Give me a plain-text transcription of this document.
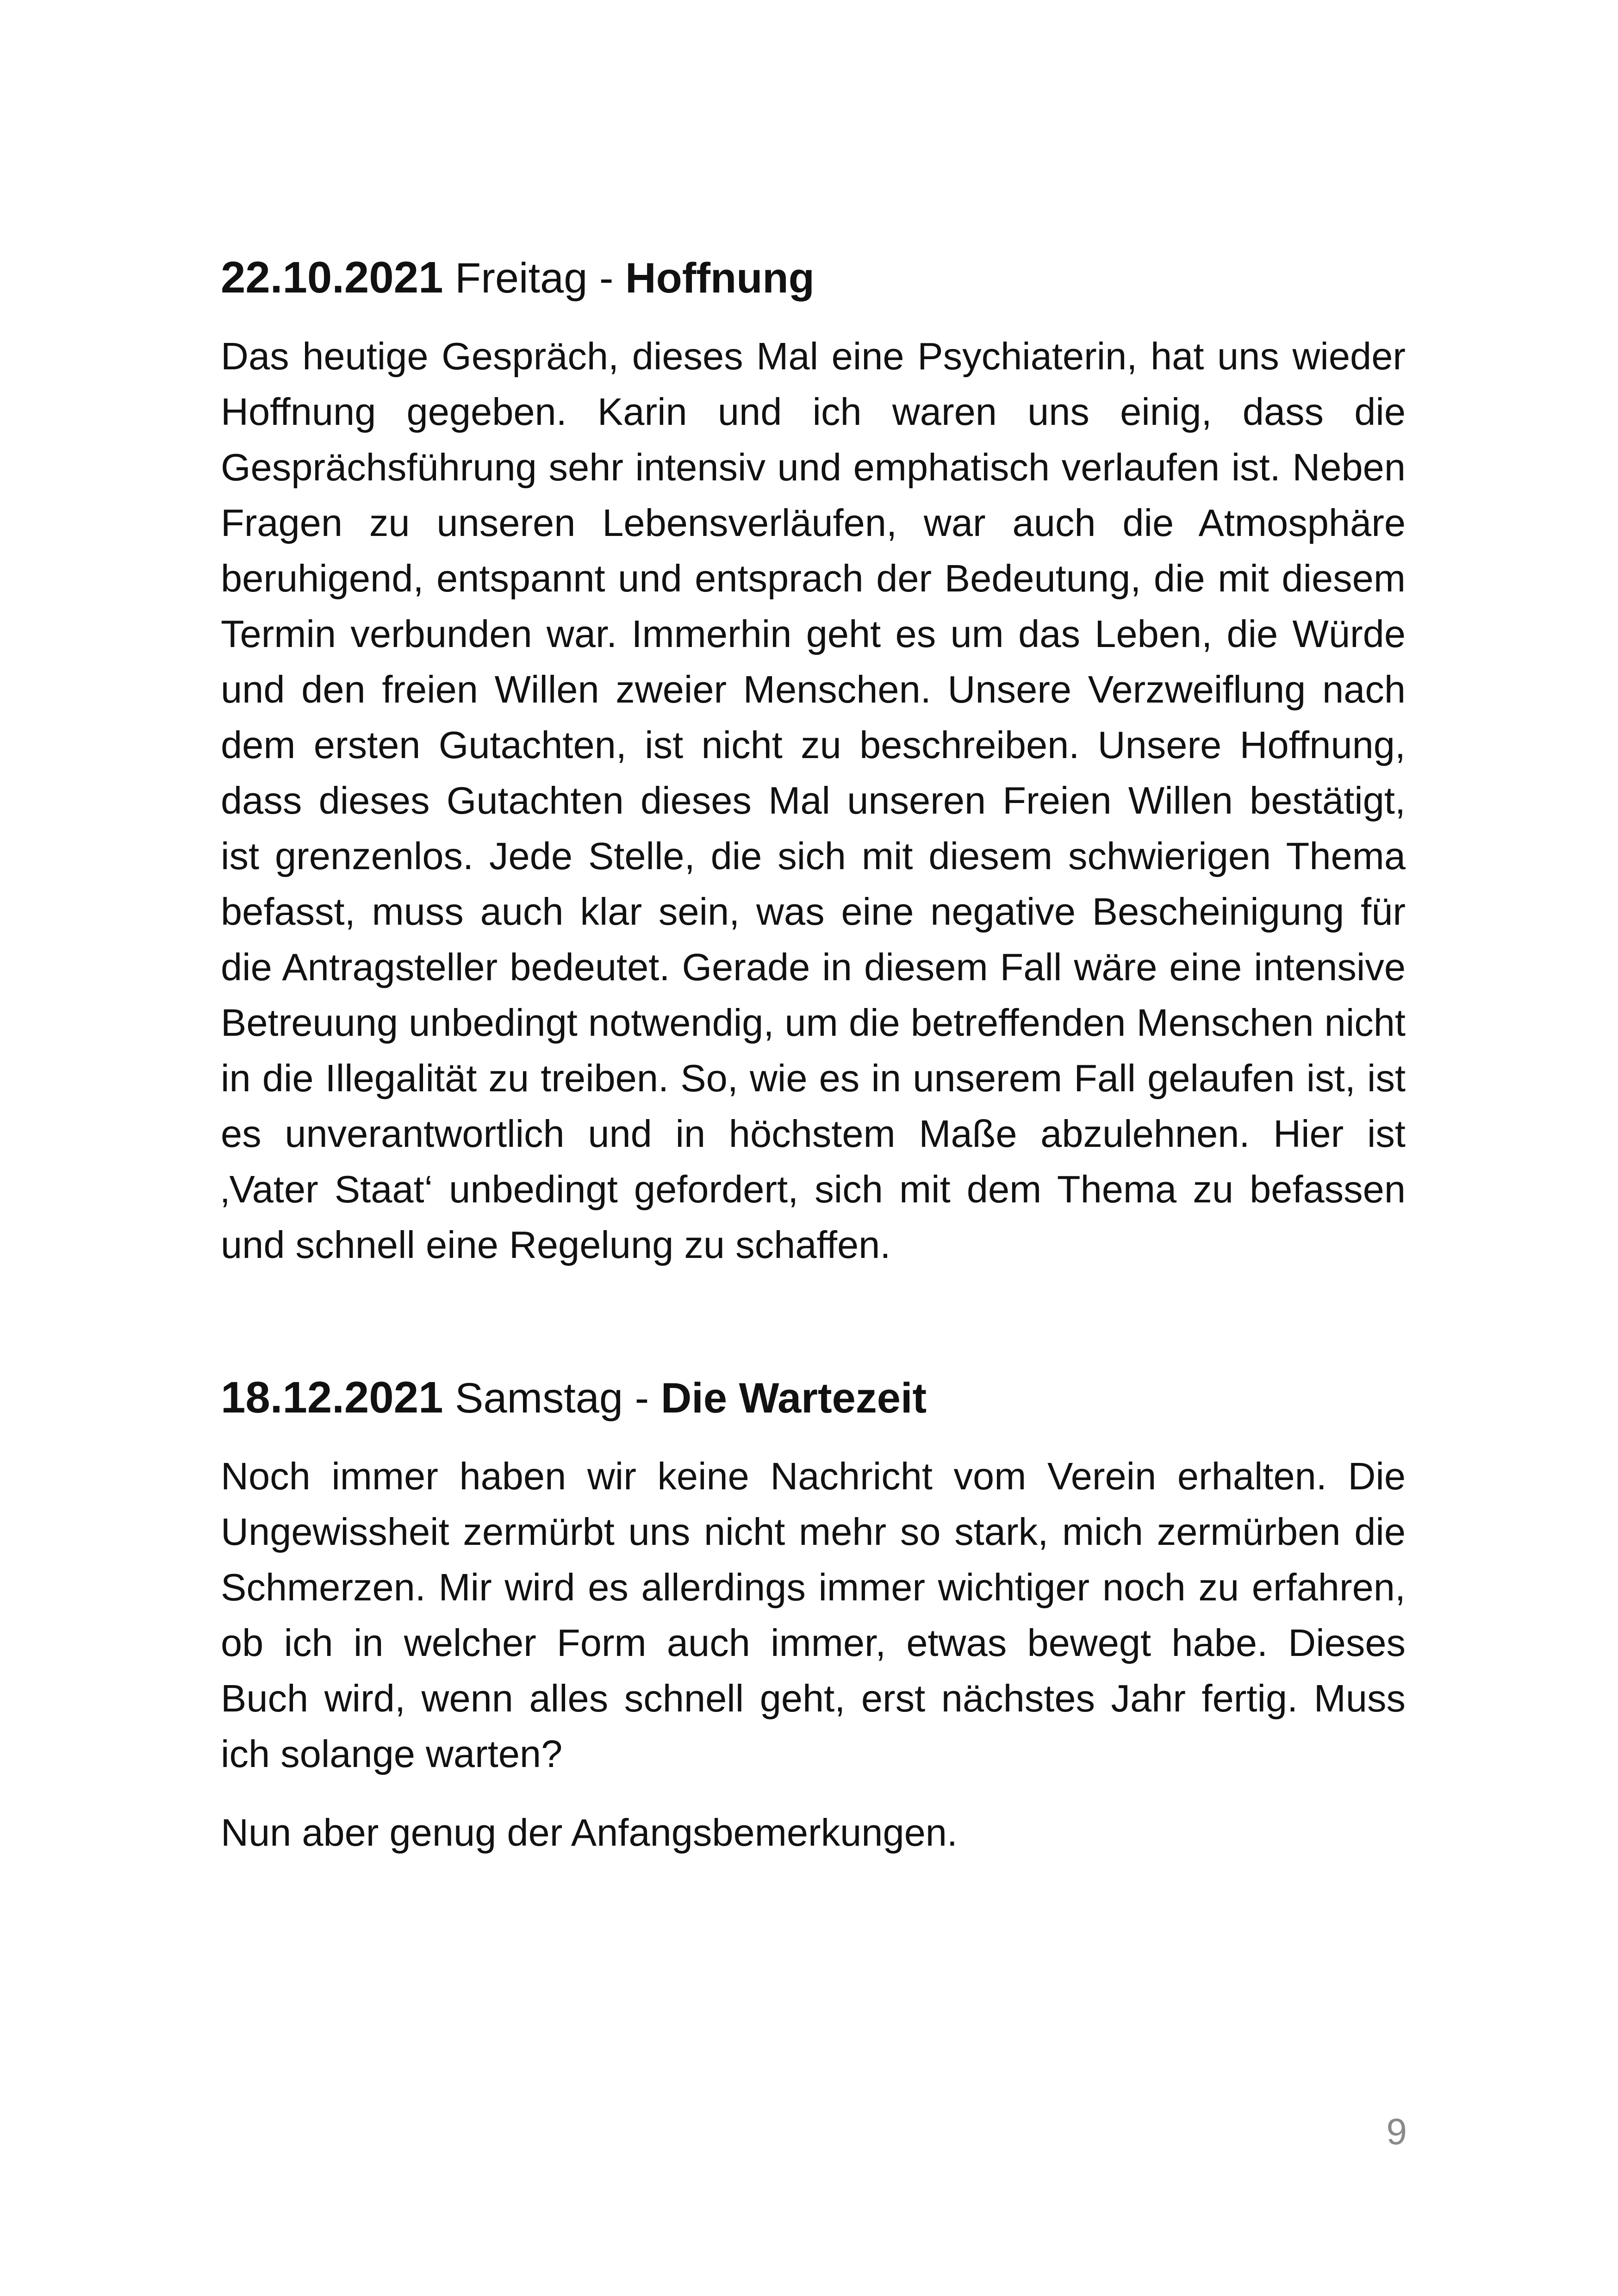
22.10.2021 Freitag - Hoffnung

Das heutige Gespräch, dieses Mal eine Psychiaterin, hat uns wieder Hoffnung gegeben. Karin und ich waren uns einig, dass die Gesprächsführung sehr intensiv und emphatisch verlaufen ist. Neben Fragen zu unseren Lebensverläufen, war auch die Atmosphäre beruhigend, entspannt und entsprach der Bedeutung, die mit diesem Termin verbunden war. Immerhin geht es um das Leben, die Würde und den freien Willen zweier Menschen. Unsere Verzweiflung nach dem ersten Gutachten, ist nicht zu beschreiben. Unsere Hoffnung, dass dieses Gutachten dieses Mal unseren Freien Willen bestätigt, ist grenzenlos. Jede Stelle, die sich mit diesem schwierigen Thema befasst, muss auch klar sein, was eine negative Bescheinigung für die Antragsteller bedeutet. Gerade in diesem Fall wäre eine intensive Betreuung unbedingt notwendig, um die betreffenden Menschen nicht in die Illegalität zu treiben. So, wie es in unserem Fall gelaufen ist, ist es unverantwortlich und in höchstem Maße abzulehnen. Hier ist ‚Vater Staat‘ unbedingt gefordert, sich mit dem Thema zu befassen und schnell eine Regelung zu schaffen.

18.12.2021 Samstag - Die Wartezeit

Noch immer haben wir keine Nachricht vom Verein erhalten. Die Ungewissheit zermürbt uns nicht mehr so stark, mich zermürben die Schmerzen. Mir wird es allerdings immer wichtiger noch zu erfahren, ob ich in welcher Form auch immer, etwas bewegt habe. Dieses Buch wird, wenn alles schnell geht, erst nächstes Jahr fertig. Muss ich solange warten?

Nun aber genug der Anfangsbemerkungen.

9
